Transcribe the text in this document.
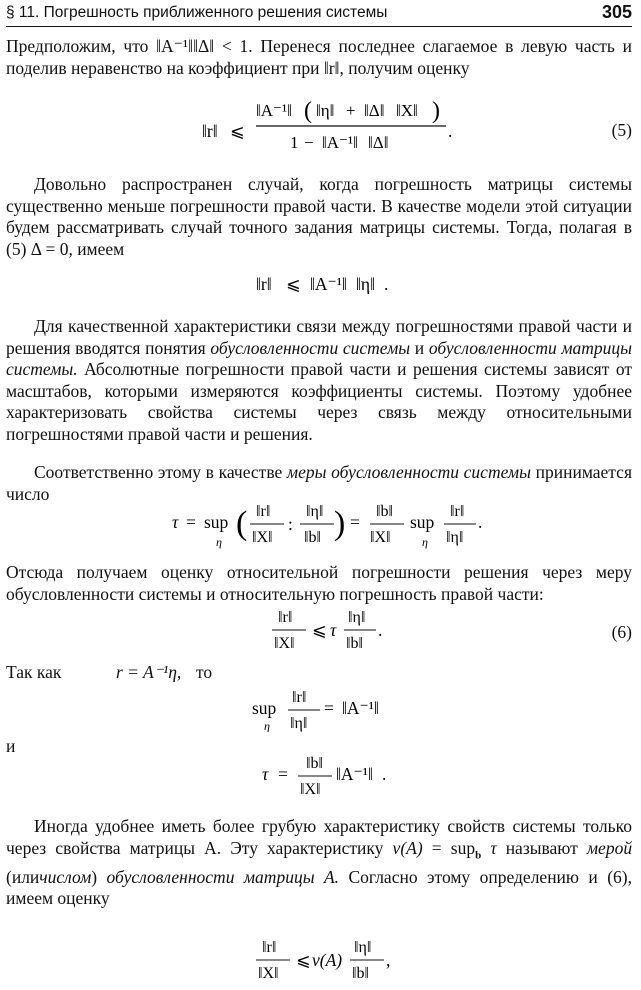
§ 11. Погрешность приближенного решения системы	305

Предположим, что ‖A⁻¹‖‖Δ‖ < 1. Перенеся последнее слагаемое в левую часть и поделив неравенство на коэффициент при ‖r‖, получим оценку

‖r‖ ⩽
‖A⁻¹‖ ( ‖η‖ + ‖Δ‖ ‖X‖ )
1 − ‖A⁻¹‖ ‖Δ‖
.	(5)

Довольно распространен случай, когда погрешность матрицы системы существенно меньше погрешности правой части. В качестве модели этой ситуации будем рассматривать случай точного задания матрицы системы. Тогда, полагая в (5) Δ = 0, имеем

‖r‖ ⩽ ‖A⁻¹‖ ‖η‖ .

Для качественной характеристики связи между погрешностями правой части и решения вводятся понятия обусловленности системы и обусловленности матрицы системы. Абсолютные погрешности правой части и решения системы зависят от масштабов, которыми измеряются коэффициенты системы. Поэтому удобнее характеризовать свойства системы через связь между относительными погрешностями правой части и решения.

Соответственно этому в качестве меры обусловленности системы принимается число

τ = sup
η ( ‖r‖
‖X‖
:
‖η‖
‖b‖ ) =
‖b‖
‖X‖
sup
η
‖r‖
‖η‖
.

Отсюда получаем оценку относительной погрешности решения через меру обусловленности системы и относительную погрешность правой части:

‖r‖
‖X‖
⩽ τ
‖η‖
‖b‖
.	(6)
Так как	r = A⁻¹η, то
sup
η
‖r‖
‖η‖
= ‖A⁻¹‖
и
τ =
‖b‖
‖X‖
‖A⁻¹‖ .

Иногда удобнее иметь более грубую характеристику свойств системы только через свойства матрицы A. Эту характеристику ν(A) = sup$_b$ τ называют мерой (иличислом) обусловленности матрицы A. Согласно этому определению и (6), имеем оценку

‖r‖
‖X‖
⩽ ν(A)
‖η‖
‖b‖
,
